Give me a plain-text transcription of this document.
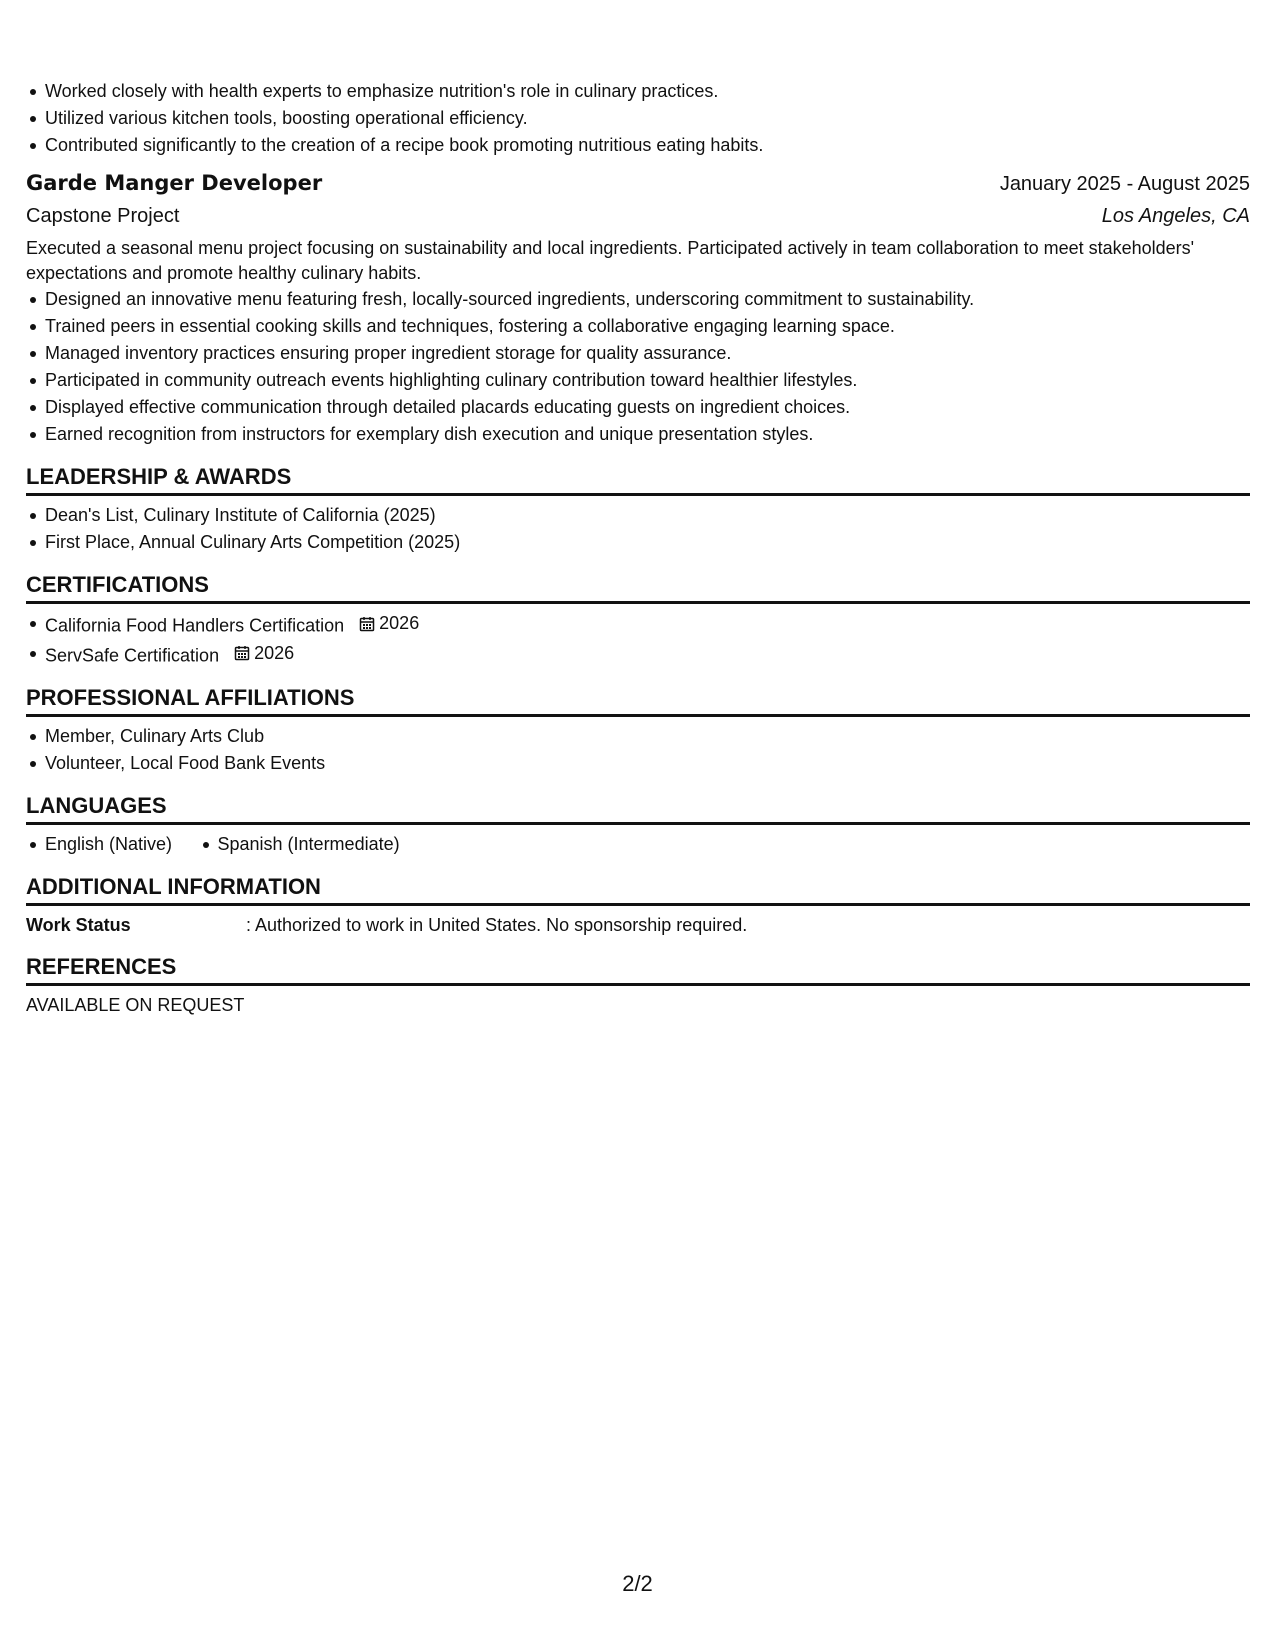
Worked closely with health experts to emphasize nutrition's role in culinary practices.
Utilized various kitchen tools, boosting operational efficiency.
Contributed significantly to the creation of a recipe book promoting nutritious eating habits.
Garde Manger Developer	January 2025 - August 2025
Capstone Project	Los Angeles, CA
Executed a seasonal menu project focusing on sustainability and local ingredients. Participated actively in team collaboration to meet stakeholders' expectations and promote healthy culinary habits.
Designed an innovative menu featuring fresh, locally-sourced ingredients, underscoring commitment to sustainability.
Trained peers in essential cooking skills and techniques, fostering a collaborative engaging learning space.
Managed inventory practices ensuring proper ingredient storage for quality assurance.
Participated in community outreach events highlighting culinary contribution toward healthier lifestyles.
Displayed effective communication through detailed placards educating guests on ingredient choices.
Earned recognition from instructors for exemplary dish execution and unique presentation styles.
LEADERSHIP & AWARDS
Dean's List, Culinary Institute of California (2025)
First Place, Annual Culinary Arts Competition (2025)
CERTIFICATIONS
California Food Handlers Certification 2026
ServSafe Certification 2026
PROFESSIONAL AFFILIATIONS
Member, Culinary Arts Club
Volunteer, Local Food Bank Events
LANGUAGES
English (Native)	Spanish (Intermediate)
ADDITIONAL INFORMATION
Work Status	: Authorized to work in United States. No sponsorship required.
REFERENCES
AVAILABLE ON REQUEST
2/2
